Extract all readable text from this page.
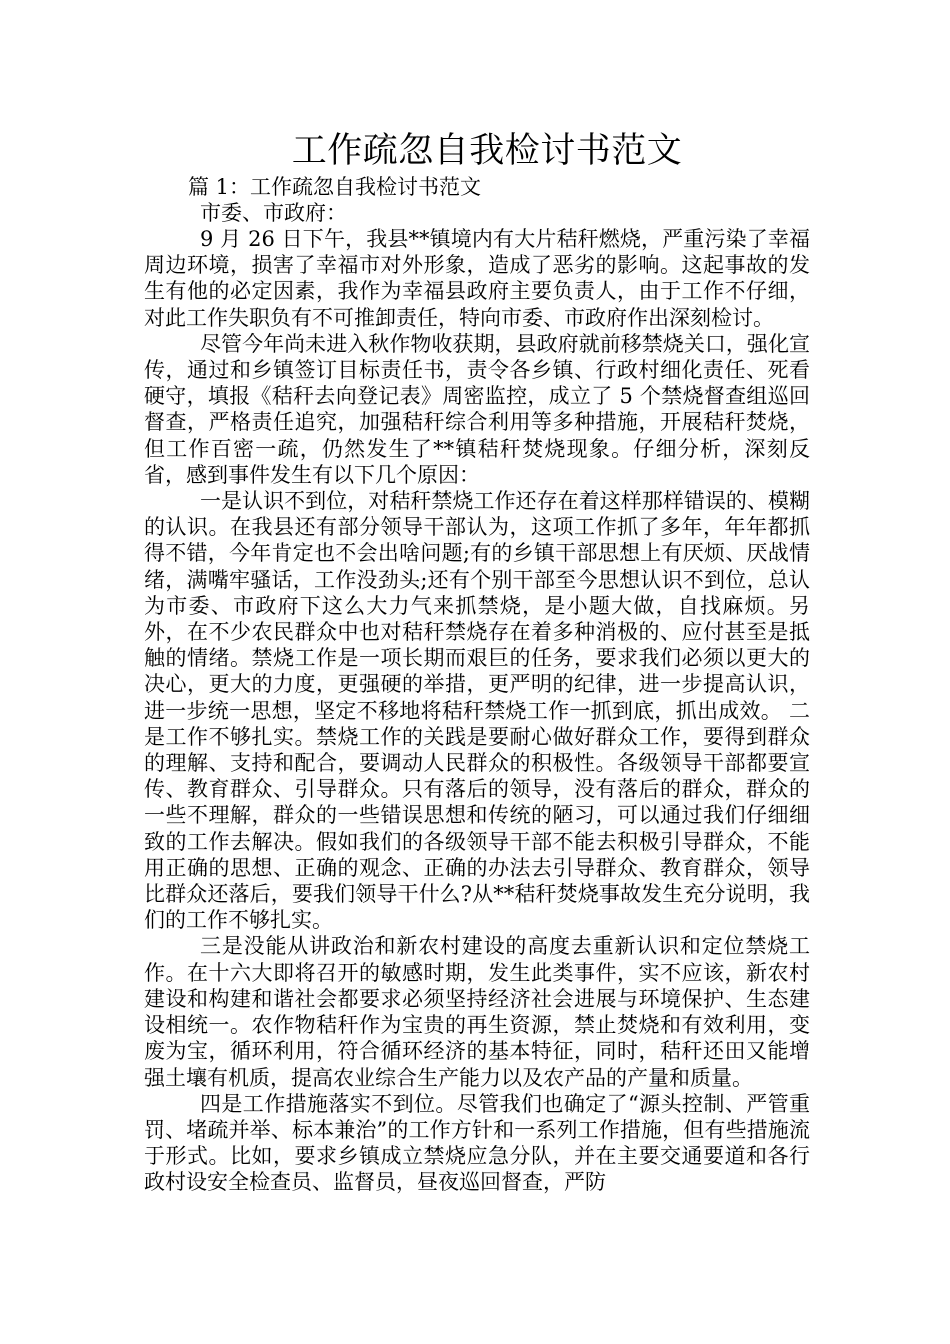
工作疏忽自我检讨书范文

篇 1：工作疏忽自我检讨书范文

市委、市政府：

9 月 26 日下午，我县**镇境内有大片秸秆燃烧，严重污染了幸福周边环境，损害了幸福市对外形象，造成了恶劣的影响。这起事故的发生有他的必定因素，我作为幸福县政府主要负责人，由于工作不仔细，对此工作失职负有不可推卸责任，特向市委、市政府作出深刻检讨。

尽管今年尚未进入秋作物收获期，县政府就前移禁烧关口，强化宣传，通过和乡镇签订目标责任书，责令各乡镇、行政村细化责任、死看硬守，填报《秸秆去向登记表》周密监控，成立了 5 个禁烧督查组巡回督查，严格责任追究，加强秸秆综合利用等多种措施，开展秸秆焚烧，但工作百密一疏，仍然发生了**镇秸秆焚烧现象。仔细分析，深刻反省，感到事件发生有以下几个原因：

一是认识不到位，对秸秆禁烧工作还存在着这样那样错误的、模糊的认识。在我县还有部分领导干部认为，这项工作抓了多年，年年都抓得不错，今年肯定也不会出啥问题;有的乡镇干部思想上有厌烦、厌战情绪，满嘴牢骚话，工作没劲头;还有个别干部至今思想认识不到位，总认为市委、市政府下这么大力气来抓禁烧，是小题大做，自找麻烦。另外，在不少农民群众中也对秸秆禁烧存在着多种消极的、应付甚至是抵触的情绪。禁烧工作是一项长期而艰巨的任务，要求我们必须以更大的决心，更大的力度，更强硬的举措，更严明的纪律，进一步提高认识，进一步统一思想，坚定不移地将秸秆禁烧工作一抓到底，抓出成效。 二是工作不够扎实。禁烧工作的关践是要耐心做好群众工作，要得到群众的理解、支持和配合，要调动人民群众的积极性。各级领导干部都要宣传、教育群众、引导群众。只有落后的领导，没有落后的群众，群众的一些不理解，群众的一些错误思想和传统的陋习，可以通过我们仔细细致的工作去解决。假如我们的各级领导干部不能去积极引导群众，不能用正确的思想、正确的观念、正确的办法去引导群众、教育群众，领导比群众还落后，要我们领导干什么?从**秸秆焚烧事故发生充分说明，我们的工作不够扎实。

三是没能从讲政治和新农村建设的高度去重新认识和定位禁烧工作。在十六大即将召开的敏感时期，发生此类事件，实不应该，新农村建设和构建和谐社会都要求必须坚持经济社会进展与环境保护、生态建设相统一。农作物秸秆作为宝贵的再生资源，禁止焚烧和有效利用，变废为宝，循环利用，符合循环经济的基本特征，同时，秸秆还田又能增强土壤有机质，提高农业综合生产能力以及农产品的产量和质量。

四是工作措施落实不到位。尽管我们也确定了“源头控制、严管重罚、堵疏并举、标本兼治”的工作方针和一系列工作措施，但有些措施流于形式。比如，要求乡镇成立禁烧应急分队，并在主要交通要道和各行政村设安全检查员、监督员，昼夜巡回督查，严防
